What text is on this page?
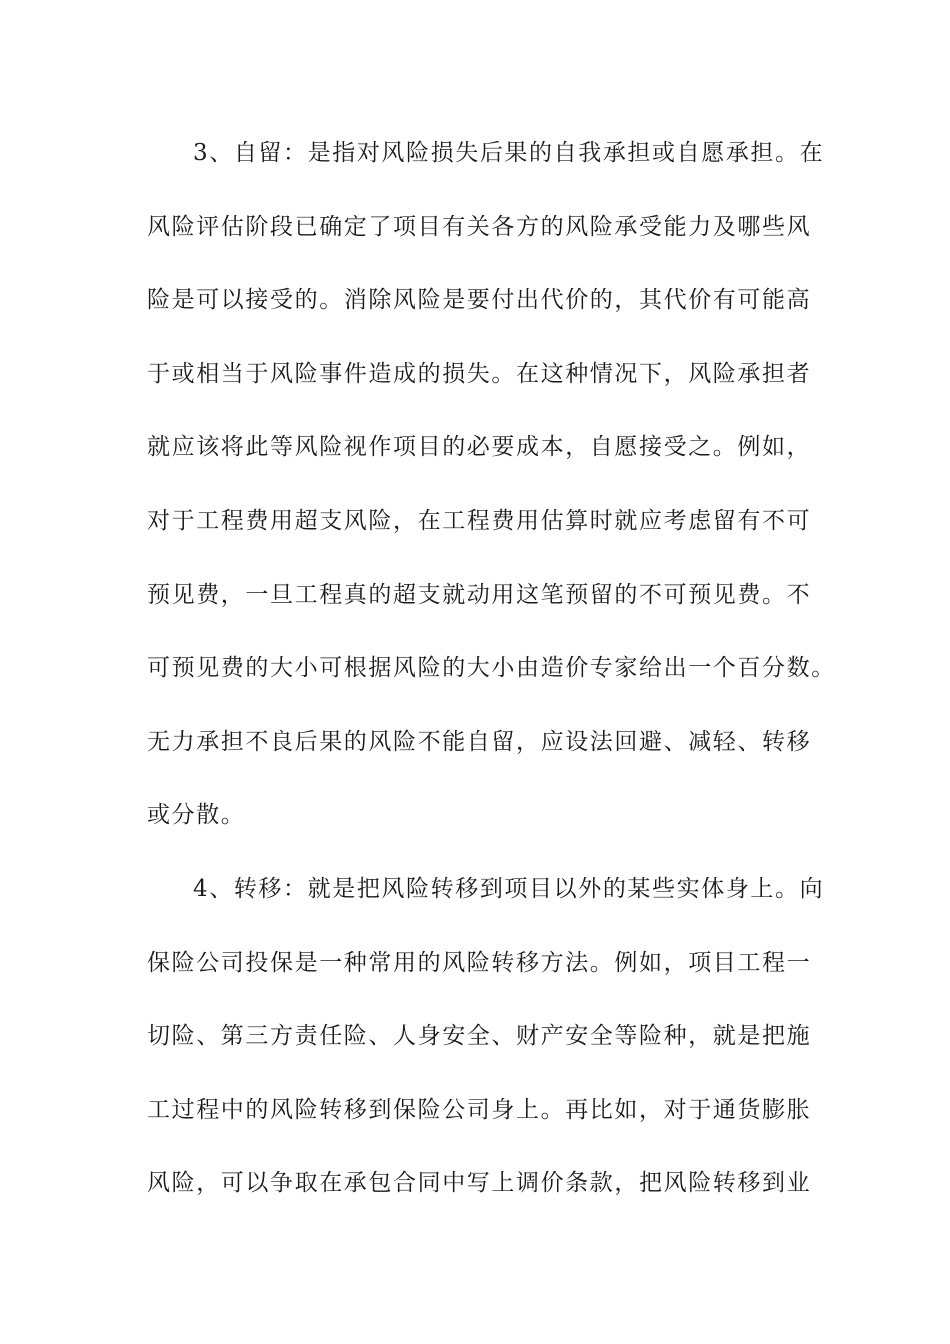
3、自留：是指对风险损失后果的自我承担或自愿承担。在
风险评估阶段已确定了项目有关各方的风险承受能力及哪些风
险是可以接受的。消除风险是要付出代价的，其代价有可能高
于或相当于风险事件造成的损失。在这种情况下，风险承担者
就应该将此等风险视作项目的必要成本，自愿接受之。例如，
对于工程费用超支风险，在工程费用估算时就应考虑留有不可
预见费，一旦工程真的超支就动用这笔预留的不可预见费。不
可预见费的大小可根据风险的大小由造价专家给出一个百分数。
无力承担不良后果的风险不能自留，应设法回避、减轻、转移
或分散。
4、转移：就是把风险转移到项目以外的某些实体身上。向
保险公司投保是一种常用的风险转移方法。例如，项目工程一
切险、第三方责任险、人身安全、财产安全等险种，就是把施
工过程中的风险转移到保险公司身上。再比如，对于通货膨胀
风险，可以争取在承包合同中写上调价条款，把风险转移到业
